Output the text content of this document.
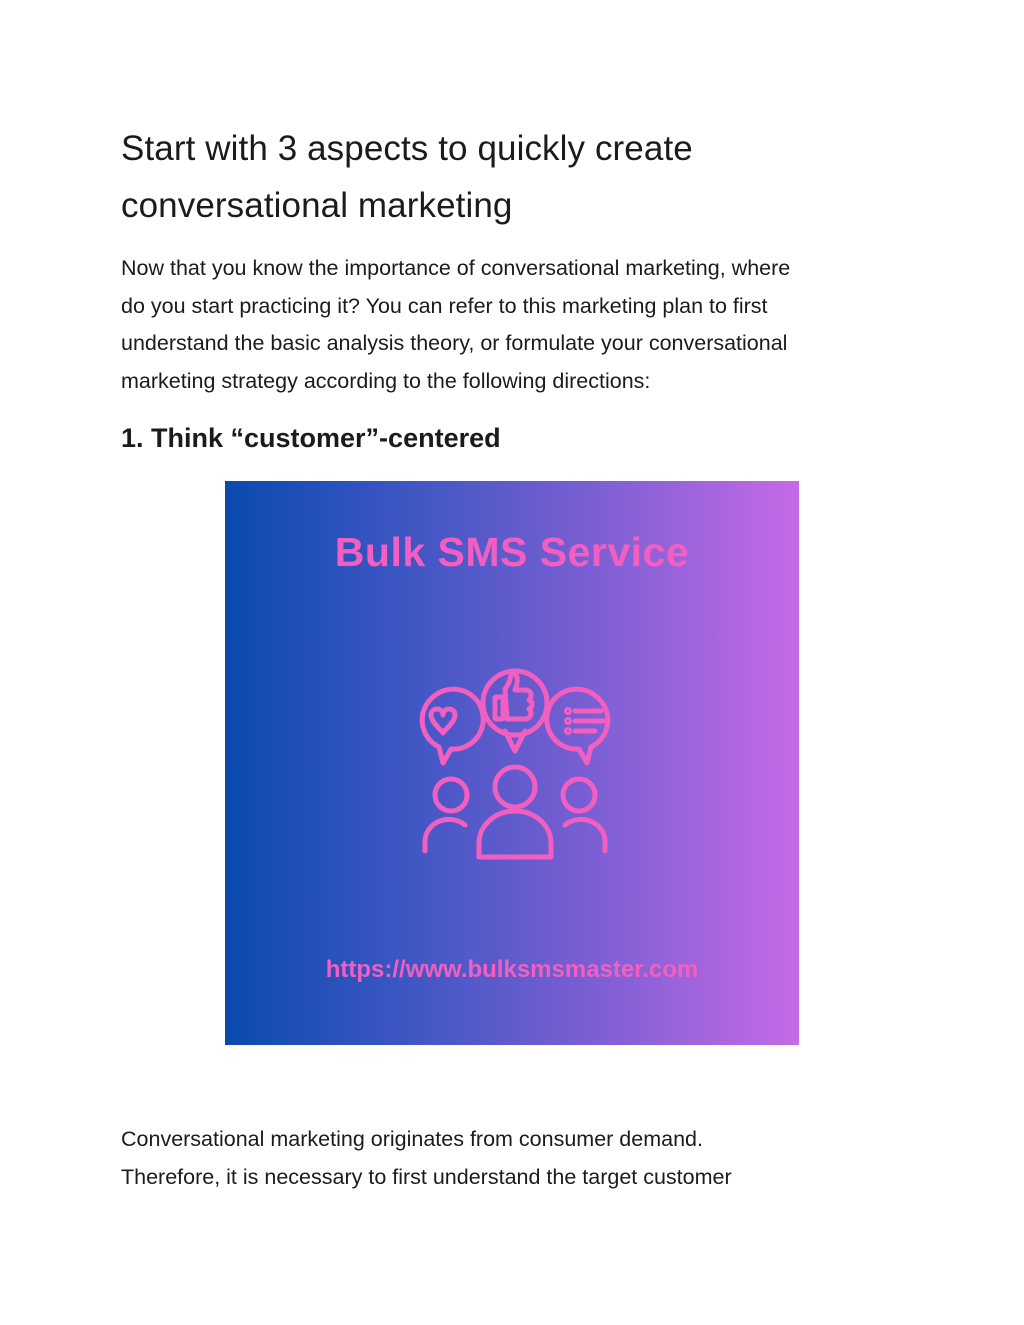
Start with 3 aspects to quickly create
conversational marketing

Now that you know the importance of conversational marketing, where
do you start practicing it? You can refer to this marketing plan to first
understand the basic analysis theory, or formulate your conversational
marketing strategy according to the following directions:

1. Think “customer”-centered
Bulk SMS Service
https://www.bulksmsmaster.com

Conversational marketing originates from consumer demand.
Therefore, it is necessary to first understand the target customer
